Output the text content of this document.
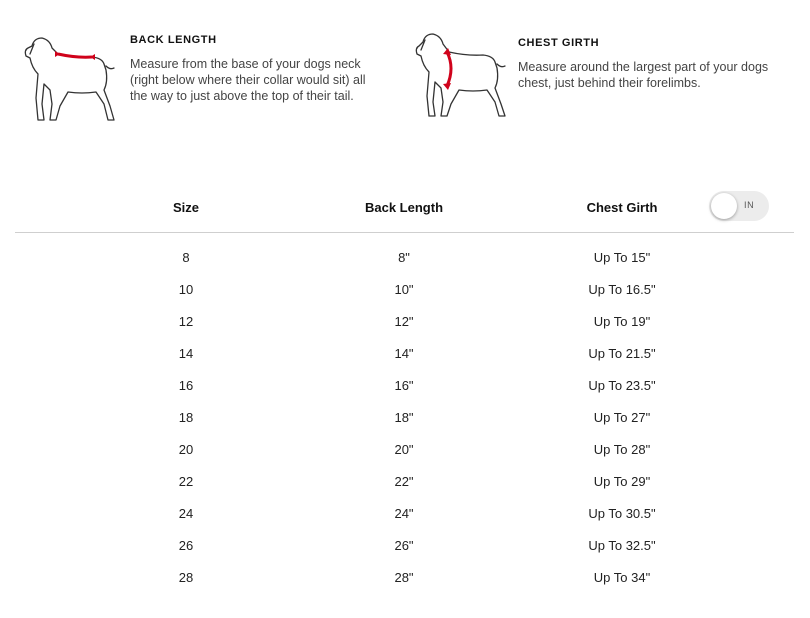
BACK LENGTH

Measure from the base of your dogs neck (right below where their collar would sit) all the way to just above the top of their tail.

CHEST GIRTH

Measure around the largest part of your dogs chest, just behind their forelimbs.

Size	Back Length	Chest Girth	IN
8	8"	Up To 15"
10	10"	Up To 16.5"
12	12"	Up To 19"
14	14"	Up To 21.5"
16	16"	Up To 23.5"
18	18"	Up To 27"
20	20"	Up To 28"
22	22"	Up To 29"
24	24"	Up To 30.5"
26	26"	Up To 32.5"
28	28"	Up To 34"
